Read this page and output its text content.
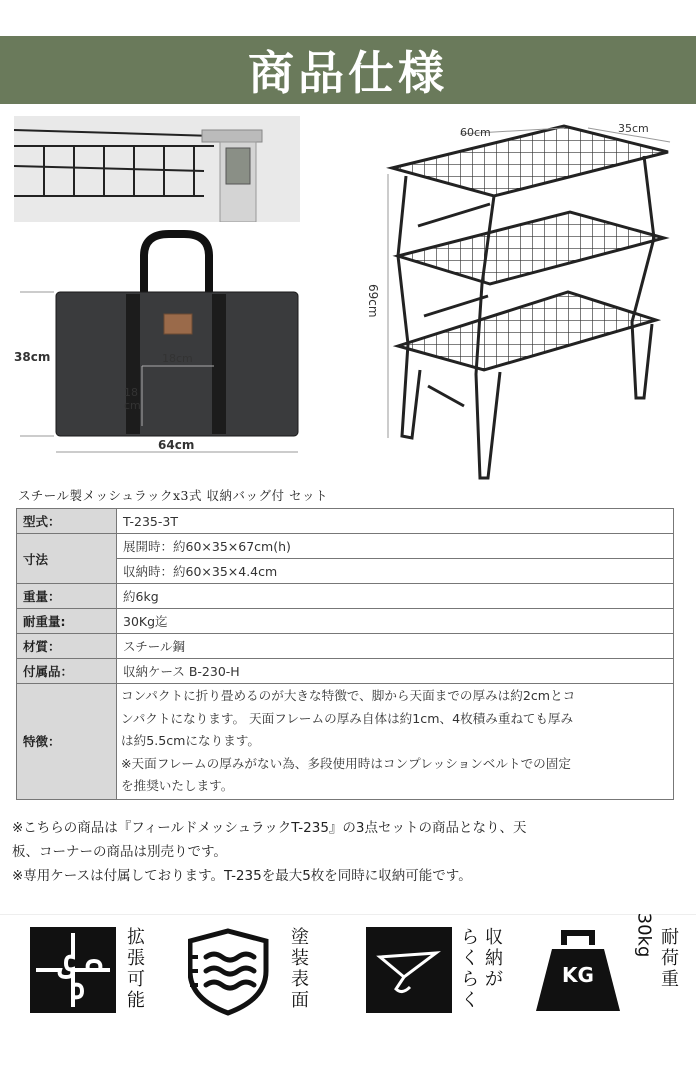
商品仕様
38cm
64cm
18cm
18
cm
60cm	35cm
69cm
スチール製メッシュラックx3式 収納バッグ付 セット
型式：	T-235-3T
寸法	展開時：約60×35×67cm(h)
	収納時：約60×35×4.4cm
重量：	約6kg
耐重量:	30Kg迄
材質：	スチール鋼
付属品：	収納ケース B-230-H
特徴：	コンパクトに折り畳めるのが大きな特徴で、脚から天面までの厚みは約2cmとコ
ンパクトになります。 天面フレームの厚み自体は約1cm、4枚積み重ねても厚み
は約5.5cmになります。
※天面フレームの厚みがない為、多段使用時はコンプレッションベルトでの固定
を推奨いたします。
※こちらの商品は『フィールドメッシュラックT-235』の3点セットの商品となり、天
板、コーナーの商品は別売りです。
※専用ケースは付属しております。T-235を最大5枚を同時に収納可能です。
拡張可能
塗装表面
らくらく
収納が	KG
30kg 耐荷重
